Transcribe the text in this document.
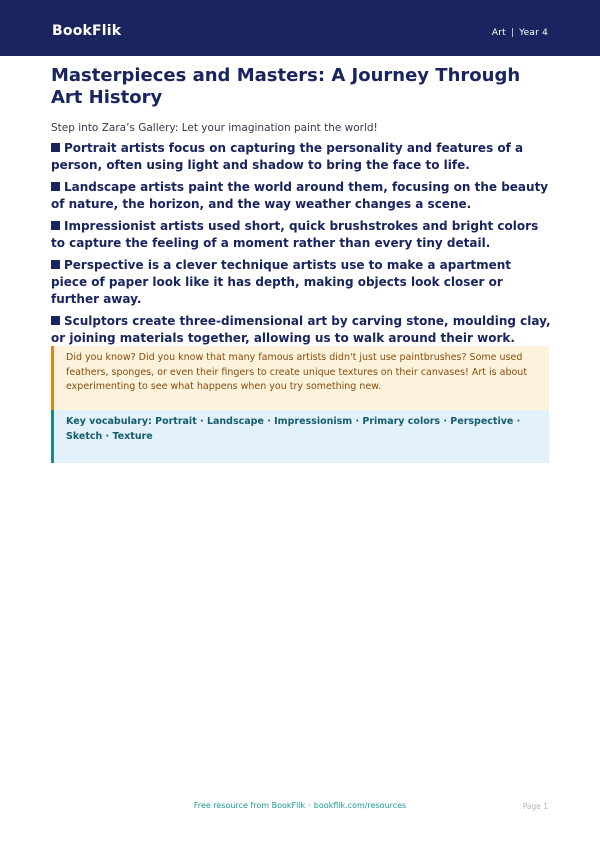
BookFlik	Art | Year 4
Masterpieces and Masters: A Journey Through Art History

Step into Zara’s Gallery: Let your imagination paint the world!

Portrait artists focus on capturing the personality and features of a person, often using light and shadow to bring the face to life.
Landscape artists paint the world around them, focusing on the beauty of nature, the horizon, and the way weather changes a scene.
Impressionist artists used short, quick brushstrokes and bright colors to capture the feeling of a moment rather than every tiny detail.
Perspective is a clever technique artists use to make a apartment piece of paper look like it has depth, making objects look closer or further away.
Sculptors create three-dimensional art by carving stone, moulding clay, or joining materials together, allowing us to walk around their work.
Did you know? Did you know that many famous artists didn't just use paintbrushes? Some used feathers, sponges, or even their fingers to create unique textures on their canvases! Art is about experimenting to see what happens when you try something new.
Key vocabulary: Portrait · Landscape · Impressionism · Primary colors · Perspective · Sketch · Texture
Free resource from BookFlik · bookflik.com/resources	Page 1
